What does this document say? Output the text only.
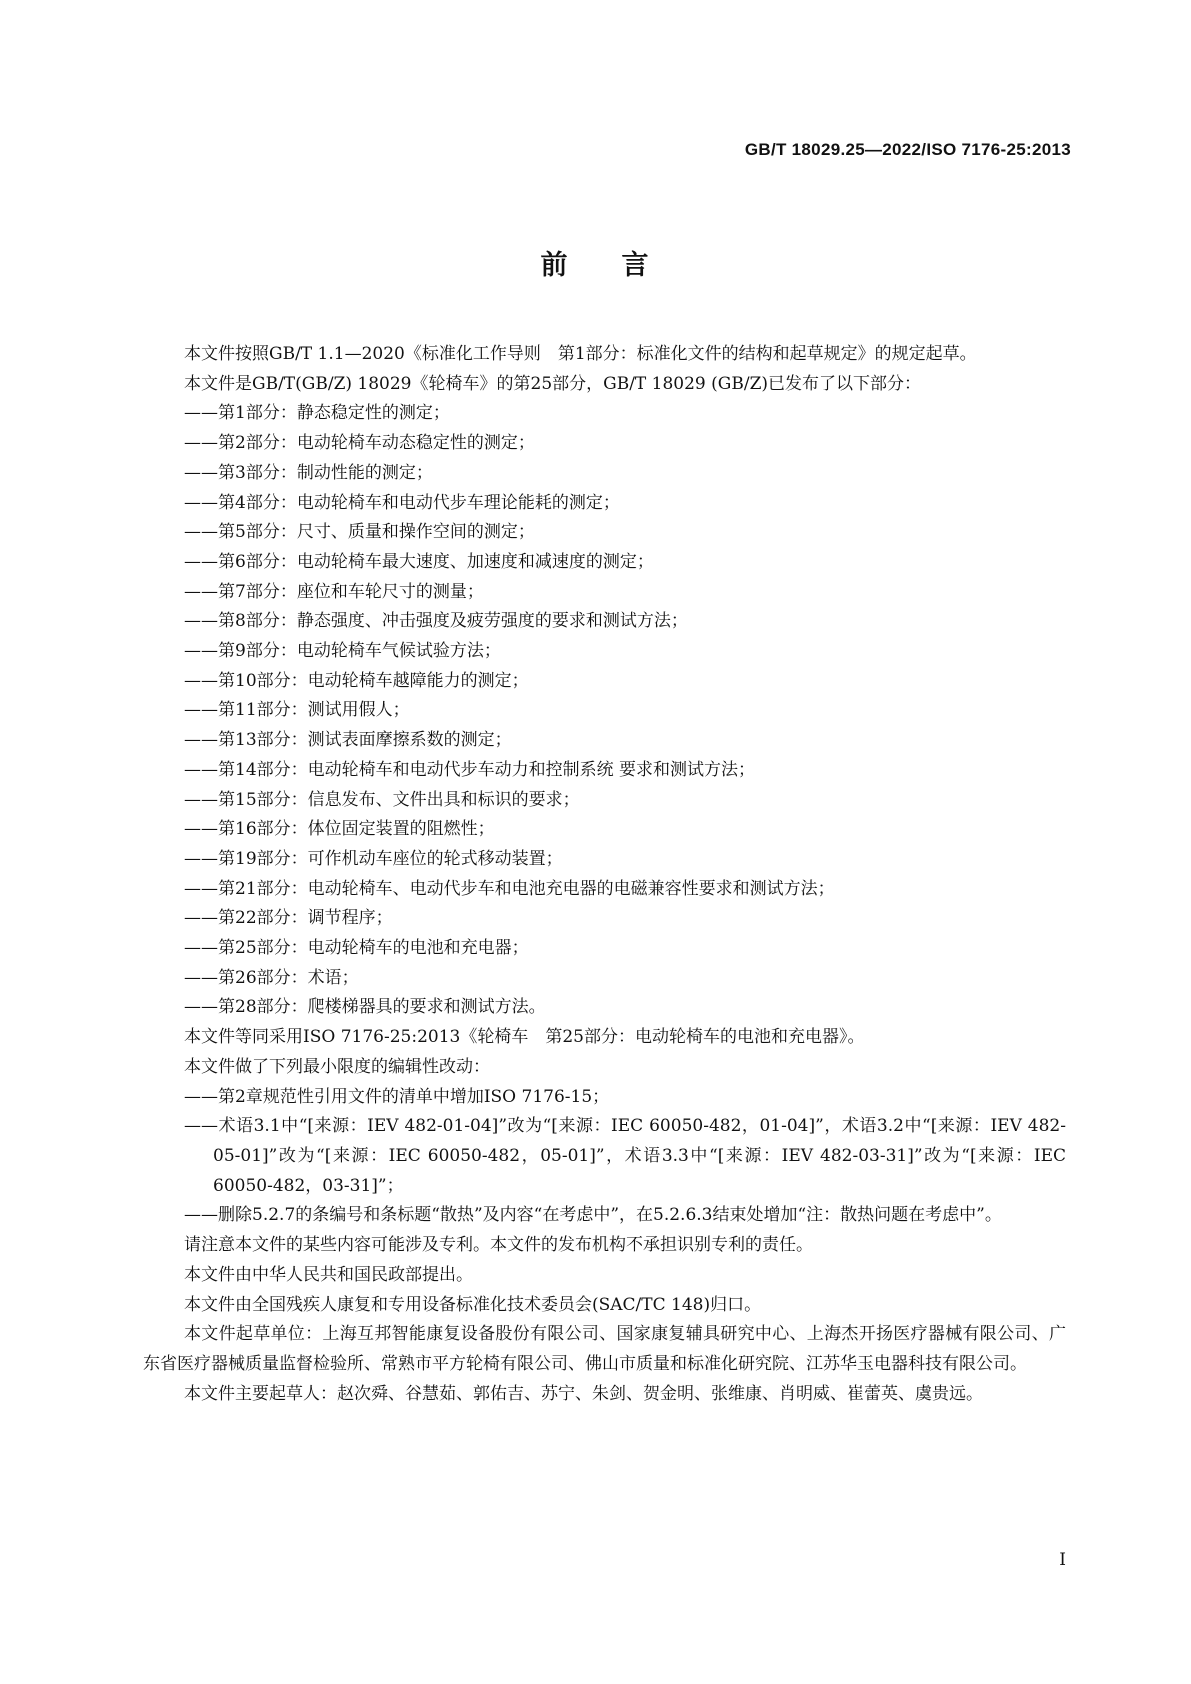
GB/T 18029.25—2022/ISO 7176-25:2013
前 言

本文件按照GB/T 1.1—2020《标准化工作导则　第1部分：标准化文件的结构和起草规定》的规定起草。

本文件是GB/T(GB/Z) 18029《轮椅车》的第25部分，GB/T 18029 (GB/Z)已发布了以下部分：

——第1部分：静态稳定性的测定；

——第2部分：电动轮椅车动态稳定性的测定；

——第3部分：制动性能的测定；

——第4部分：电动轮椅车和电动代步车理论能耗的测定；

——第5部分：尺寸、质量和操作空间的测定；

——第6部分：电动轮椅车最大速度、加速度和减速度的测定；

——第7部分：座位和车轮尺寸的测量；

——第8部分：静态强度、冲击强度及疲劳强度的要求和测试方法；

——第9部分：电动轮椅车气候试验方法；

——第10部分：电动轮椅车越障能力的测定；

——第11部分：测试用假人；

——第13部分：测试表面摩擦系数的测定；

——第14部分：电动轮椅车和电动代步车动力和控制系统 要求和测试方法；

——第15部分：信息发布、文件出具和标识的要求；

——第16部分：体位固定装置的阻燃性；

——第19部分：可作机动车座位的轮式移动装置；

——第21部分：电动轮椅车、电动代步车和电池充电器的电磁兼容性要求和测试方法；

——第22部分：调节程序；

——第25部分：电动轮椅车的电池和充电器；

——第26部分：术语；

——第28部分：爬楼梯器具的要求和测试方法。

本文件等同采用ISO 7176-25:2013《轮椅车　第25部分：电动轮椅车的电池和充电器》。

本文件做了下列最小限度的编辑性改动：

——第2章规范性引用文件的清单中增加ISO 7176-15；

——术语3.1中“[来源：IEV 482-01-04]”改为“[来源：IEC 60050-482，01-04]”，术语3.2中“[来源：IEV 482-05-01]”改为“[来源：IEC 60050-482，05-01]”，术语3.3中“[来源：IEV 482-03-31]”改为“[来源：IEC 60050-482，03-31]”；

——删除5.2.7的条编号和条标题“散热”及内容“在考虑中”，在5.2.6.3结束处增加“注：散热问题在考虑中”。

请注意本文件的某些内容可能涉及专利。本文件的发布机构不承担识别专利的责任。

本文件由中华人民共和国民政部提出。

本文件由全国残疾人康复和专用设备标准化技术委员会(SAC/TC 148)归口。

本文件起草单位：上海互邦智能康复设备股份有限公司、国家康复辅具研究中心、上海杰开扬医疗器械有限公司、广东省医疗器械质量监督检验所、常熟市平方轮椅有限公司、佛山市质量和标准化研究院、江苏华玉电器科技有限公司。

本文件主要起草人：赵次舜、谷慧茹、郭佑吉、苏宁、朱剑、贺金明、张维康、肖明威、崔蕾英、虞贵远。

I
